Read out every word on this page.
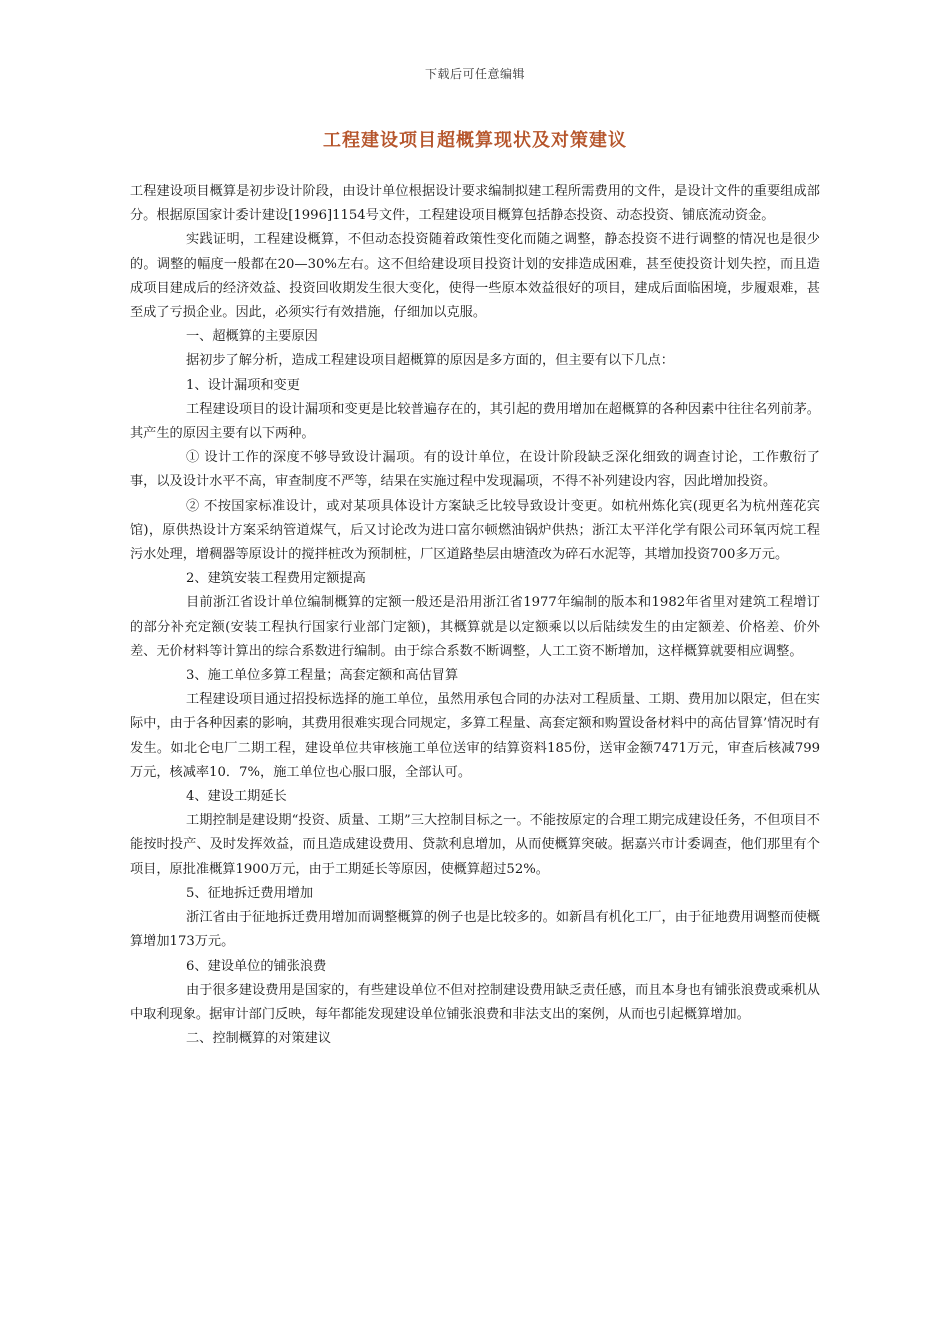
下载后可任意编辑
工程建设项目超概算现状及对策建议

工程建设项目概算是初步设计阶段，由设计单位根据设计要求编制拟建工程所需费用的文件，是设计文件的重要组成部分。根据原国家计委计建设[1996]1154号文件，工程建设项目概算包括静态投资、动态投资、铺底流动资金。

实践证明，工程建设概算，不但动态投资随着政策性变化而随之调整，静态投资不进行调整的情况也是很少的。调整的幅度一般都在20—30%左右。这不但给建设项目投资计划的安排造成困难，甚至使投资计划失控，而且造成项目建成后的经济效益、投资回收期发生很大变化，使得一些原本效益很好的项目，建成后面临困境，步履艰难，甚至成了亏损企业。因此，必须实行有效措施，仔细加以克服。

一、超概算的主要原因

据初步了解分析，造成工程建设项目超概算的原因是多方面的，但主要有以下几点：

1、设计漏项和变更

工程建设项目的设计漏项和变更是比较普遍存在的，其引起的费用增加在超概算的各种因素中往往名列前茅。其产生的原因主要有以下两种。

① 设计工作的深度不够导致设计漏项。有的设计单位，在设计阶段缺乏深化细致的调查讨论，工作敷衍了事，以及设计水平不高，审查制度不严等，结果在实施过程中发现漏项，不得不补列建设内容，因此增加投资。

② 不按国家标准设计，或对某项具体设计方案缺乏比较导致设计变更。如杭州炼化宾(现更名为杭州莲花宾馆)，原供热设计方案采纳管道煤气，后又讨论改为进口富尔顿燃油锅炉供热；浙江太平洋化学有限公司环氧丙烷工程污水处理，增稠器等原设计的搅拌桩改为预制桩，厂区道路垫层由塘渣改为碎石水泥等，其增加投资700多万元。

2、建筑安装工程费用定额提高

目前浙江省设计单位编制概算的定额一般还是沿用浙江省1977年编制的版本和1982年省里对建筑工程增订的部分补充定额(安装工程执行国家行业部门定额)，其概算就是以定额乘以以后陆续发生的由定额差、价格差、价外差、无价材料等计算出的综合系数进行编制。由于综合系数不断调整，人工工资不断增加，这样概算就要相应调整。

3、施工单位多算工程量；高套定额和高估冒算

工程建设项目通过招投标选择的施工单位，虽然用承包合同的办法对工程质量、工期、费用加以限定，但在实际中，由于各种因素的影响，其费用很难实现合同规定，多算工程量、高套定额和购置设备材料中的高估冒算’情况时有发生。如北仑电厂二期工程，建设单位共审核施工单位送审的结算资料185份，送审金额7471万元，审查后核减799万元，核减率10．7%，施工单位也心服口服，全部认可。

4、建设工期延长

工期控制是建设期“投资、质量、工期”三大控制目标之一。不能按原定的合理工期完成建设任务，不但项目不能按时投产、及时发挥效益，而且造成建设费用、贷款利息增加，从而使概算突破。据嘉兴市计委调查，他们那里有个项目，原批准概算1900万元，由于工期延长等原因，使概算超过52%。

5、征地拆迁费用增加

浙江省由于征地拆迁费用增加而调整概算的例子也是比较多的。如新昌有机化工厂，由于征地费用调整而使概算增加173万元。

6、建设单位的铺张浪费

由于很多建设费用是国家的，有些建设单位不但对控制建设费用缺乏责任感，而且本身也有铺张浪费或乘机从中取利现象。据审计部门反映，每年都能发现建设单位铺张浪费和非法支出的案例，从而也引起概算增加。

二、控制概算的对策建议
